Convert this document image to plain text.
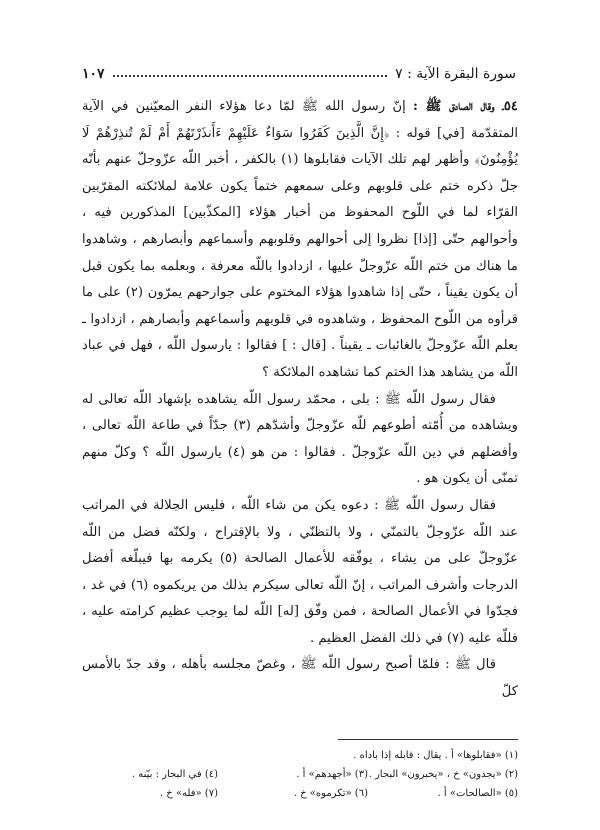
سورة البقرة الآية : ٧
١٠٧

٥٤ـ وقال الصادق ﷺ : إنّ رسول الله ﷺ لمّا دعا هؤلاء النفر المعيّنين في الآية المتقدّمة [في] قوله : ﴿إِنَّ الَّذِينَ كَفَرُوا سَوَاءٌ عَلَيْهِمْ ءَأَنذَرْتَهُمْ أَمْ لَمْ تُنذِرْهُمْ لَا يُؤْمِنُونَ﴾ وأظهر لهم تلك الآيات فقابلوها (١) بالكفر ، أخبر اللّه عزّوجلّ عنهم بأنّه جلّ ذكره ختم على قلوبهم وعلى سمعهم ختماً يكون علامة لملائكته المقرّبين القرّاء لما في اللّوح المحفوظ من أخبار هؤلاء [المكذّبين] المذكورين فيه ، وأحوالهم حتّى [إذا] نظروا إلى أحوالهم وقلوبهم وأسماعهم وأبصارهم ، وشاهدوا ما هناك من ختم اللّه عزّوجلّ عليها ، ازدادوا باللّه معرفة ، وبعلمه بما يكون قبل أن يكون يقيناً ، حتّى إذا شاهدوا هؤلاء المختوم على جوارحهم يمرّون (٢) على ما قرأوه من اللّوح المحفوظ ، وشاهدوه في قلوبهم وأسماعهم وأبصارهم ، ازدادوا ـ بعلم اللّه عزّوجلّ بالغائبات ـ يقيناً . [قال : ] فقالوا : يارسول اللّه ، فهل في عباد اللّه من يشاهد هذا الختم كما تشاهده الملائكة ؟

فقال رسول اللّه ﷺ : بلى ، محمّد رسول اللّه يشاهده بإشهاد اللّه تعالى له ويشاهده من أُمّته أطوعهم للّه عزّوجلّ وأشدّهم (٣) جدّاً في طاعة اللّه تعالى ، وأفضلهم في دين اللّه عزّوجلّ . فقالوا : من هو (٤) يارسول اللّه ؟ وكلّ منهم تمنّى أن يكون هو .

فقال رسول اللّه ﷺ : دعوه يكن من شاء اللّه ، فليس الجلالة في المراتب عند اللّه عزّوجلّ بالتمنّي ، ولا بالتظنّي ، ولا بالإقتراح ، ولكنّه فضل من اللّه عزّوجلّ على من يشاء ، يوفّقه للأعمال الصالحة (٥) يكرمه بها فيبلّغه أفضل الدرجات وأشرف المراتب ، إنّ اللّه تعالى سيكرم بذلك من يريكموه (٦) في غد ، فجدّوا في الأعمال الصالحة ، فمن وفّق [له] اللّه لما يوجب عظيم كرامته عليه ، فللّه عليه (٧) في ذلك الفضل العظيم .

قال ﷺ : فلمّا أصبح رسول اللّه ﷺ ، وغصّ مجلسه بأهله ، وقد جدّ بالأمس كلّ

(١) «فقابلوها» أ . يقال : قابله إذا باداه .
(٢) «يجدون» خ ، «يخبرون» البحار .
(٣) «أجهدهم» أ .
(٤) في البحار : بيّنه .
(٥) «الصالحات» أ .
(٦) «تكرموه» خ .
(٧) «فله» خ .
